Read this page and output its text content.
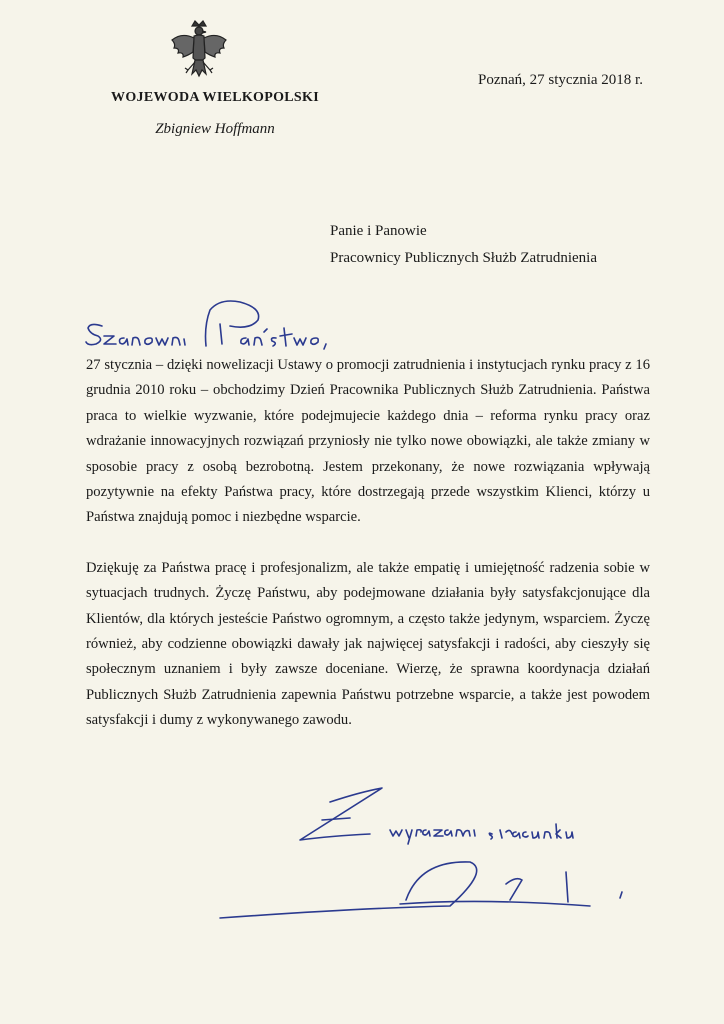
WOJEWODA WIELKOPOLSKI
Zbigniew Hoffmann
Poznań, 27 stycznia 2018 r.
Panie i Panowie
Pracownicy Publicznych Służb Zatrudnienia

27 stycznia – dzięki nowelizacji Ustawy o promocji zatrudnienia i instytucjach rynku pracy z 16 grudnia 2010 roku – obchodzimy Dzień Pracownika Publicznych Służb Zatrudnienia. Państwa praca to wielkie wyzwanie, które podejmujecie każdego dnia – reforma rynku pracy oraz wdrażanie innowacyjnych rozwiązań przyniosły nie tylko nowe obowiązki, ale także zmiany w sposobie pracy z osobą bezrobotną. Jestem przekonany, że nowe rozwiązania wpływają pozytywnie na efekty Państwa pracy, które dostrzegają przede wszystkim Klienci, którzy u Państwa znajdują pomoc i niezbędne wsparcie.

Dziękuję za Państwa pracę i profesjonalizm, ale także empatię i umiejętność radzenia sobie w sytuacjach trudnych. Życzę Państwu, aby podejmowane działania były satysfakcjonujące dla Klientów, dla których jesteście Państwo ogromnym, a często także jedynym, wsparciem. Życzę również, aby codzienne obowiązki dawały jak najwięcej satysfakcji i radości, aby cieszyły się społecznym uznaniem i były zawsze doceniane. Wierzę, że sprawna koordynacja działań Publicznych Służb Zatrudnienia zapewnia Państwu potrzebne wsparcie, a także jest powodem satysfakcji i dumy z wykonywanego zawodu.
